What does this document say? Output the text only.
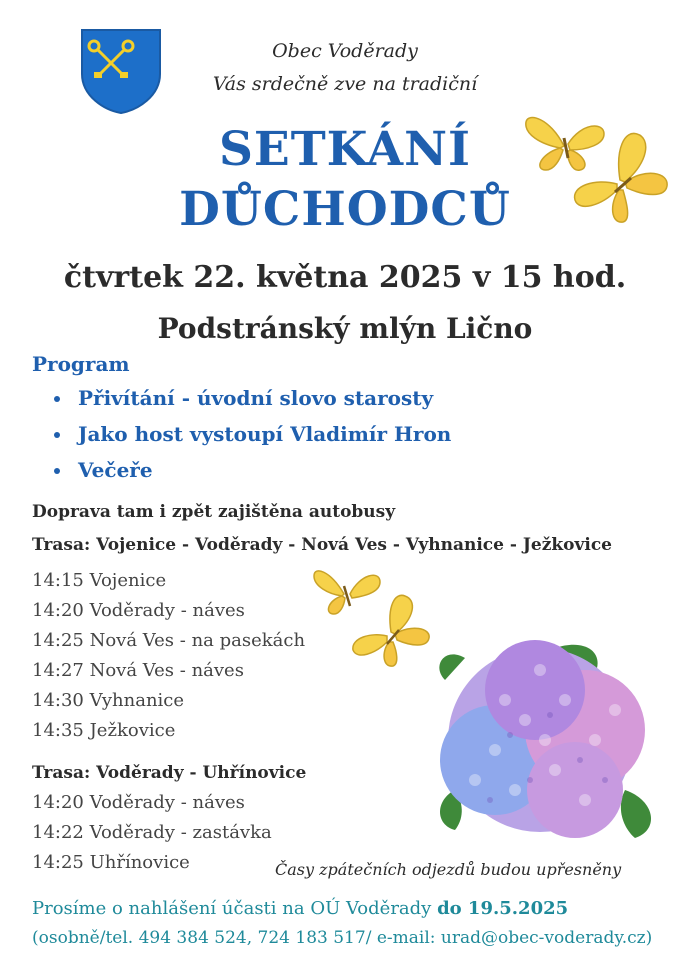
Obec Voděrady
Vás srdečně zve na tradiční
SETKÁNÍ
DŮCHODCŮ
čtvrtek 22. května 2025 v 15 hod.
Podstránský mlýn Lično
Program
Přivítání - úvodní slovo starosty
Jako host vystoupí Vladimír Hron
Večeře
Doprava tam i zpět zajištěna autobusy
Trasa: Vojenice - Voděrady - Nová Ves - Vyhnanice - Ježkovice
14:15 Vojenice
14:20 Voděrady - náves
14:25 Nová Ves - na pasekách
14:27 Nová Ves - náves
14:30 Vyhnanice
14:35 Ježkovice
Trasa: Voděrady - Uhřínovice
14:20 Voděrady - náves
14:22 Voděrady - zastávka
14:25 Uhřínovice	Časy zpátečních odjezdů budou upřesněny
Prosíme o nahlášení účasti na OÚ Voděrady do 19.5.2025
(osobně/tel. 494 384 524, 724 183 517/ e-mail: urad@obec-voderady.cz)
